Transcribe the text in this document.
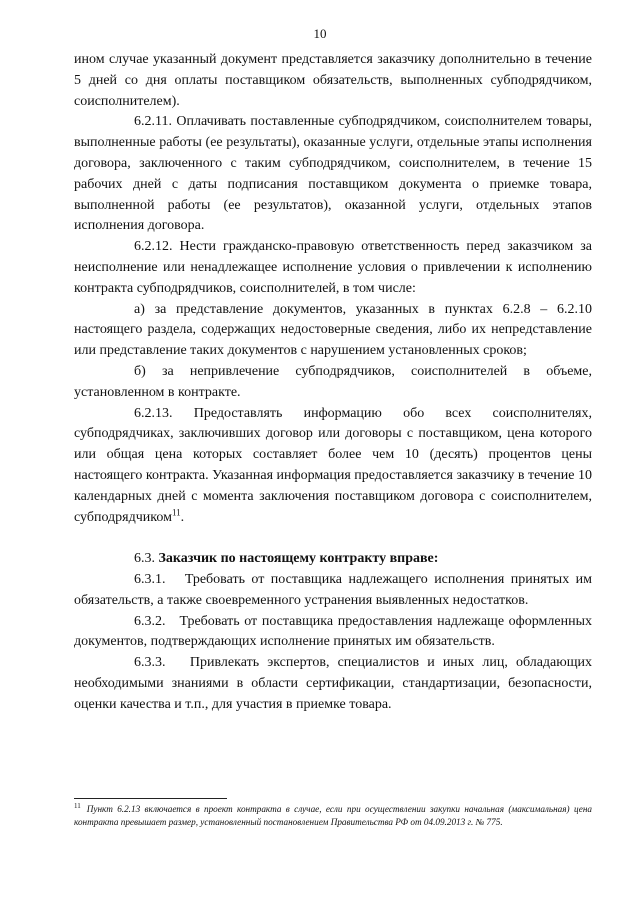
10

ином случае указанный документ представляется заказчику дополнительно в течение 5 дней со дня оплаты поставщиком обязательств, выполненных субподрядчиком, соисполнителем).

6.2.11. Оплачивать поставленные субподрядчиком, соисполнителем товары, выполненные работы (ее результаты), оказанные услуги, отдельные этапы исполнения договора, заключенного с таким субподрядчиком, соисполнителем, в течение 15 рабочих дней с даты подписания поставщиком документа о приемке товара, выполненной работы (ее результатов), оказанной услуги, отдельных этапов исполнения договора.

6.2.12. Нести гражданско-правовую ответственность перед заказчиком за неисполнение или ненадлежащее исполнение условия о привлечении к исполнению контракта субподрядчиков, соисполнителей, в том числе:

а) за представление документов, указанных в пунктах 6.2.8 – 6.2.10 настоящего раздела, содержащих недостоверные сведения, либо их непредставление или представление таких документов с нарушением установленных сроков;

б) за непривлечение субподрядчиков, соисполнителей в объеме, установленном в контракте.

6.2.13. Предоставлять информацию обо всех соисполнителях, субподрядчиках, заключивших договор или договоры с поставщиком, цена которого или общая цена которых составляет более чем 10 (десять) процентов цены настоящего контракта. Указанная информация предоставляется заказчику в течение 10 календарных дней с момента заключения поставщиком договора с соисполнителем, субподрядчиком$^{11}$.

6.3. Заказчик по настоящему контракту вправе:

6.3.1.   Требовать от поставщика надлежащего исполнения принятых им обязательств, а также своевременного устранения выявленных недостатков.

6.3.2.   Требовать от поставщика предоставления надлежаще оформленных документов, подтверждающих исполнение принятых им обязательств.

6.3.3.   Привлекать экспертов, специалистов и иных лиц, обладающих необходимыми знаниями в области сертификации, стандартизации, безопасности, оценки качества и т.п., для участия в приемке товара.

$^{11}$ Пункт 6.2.13 включается в проект контракта в случае, если при осуществлении закупки начальная (максимальная) цена контракта превышает размер, установленный постановлением Правительства РФ от 04.09.2013 г. № 775.
